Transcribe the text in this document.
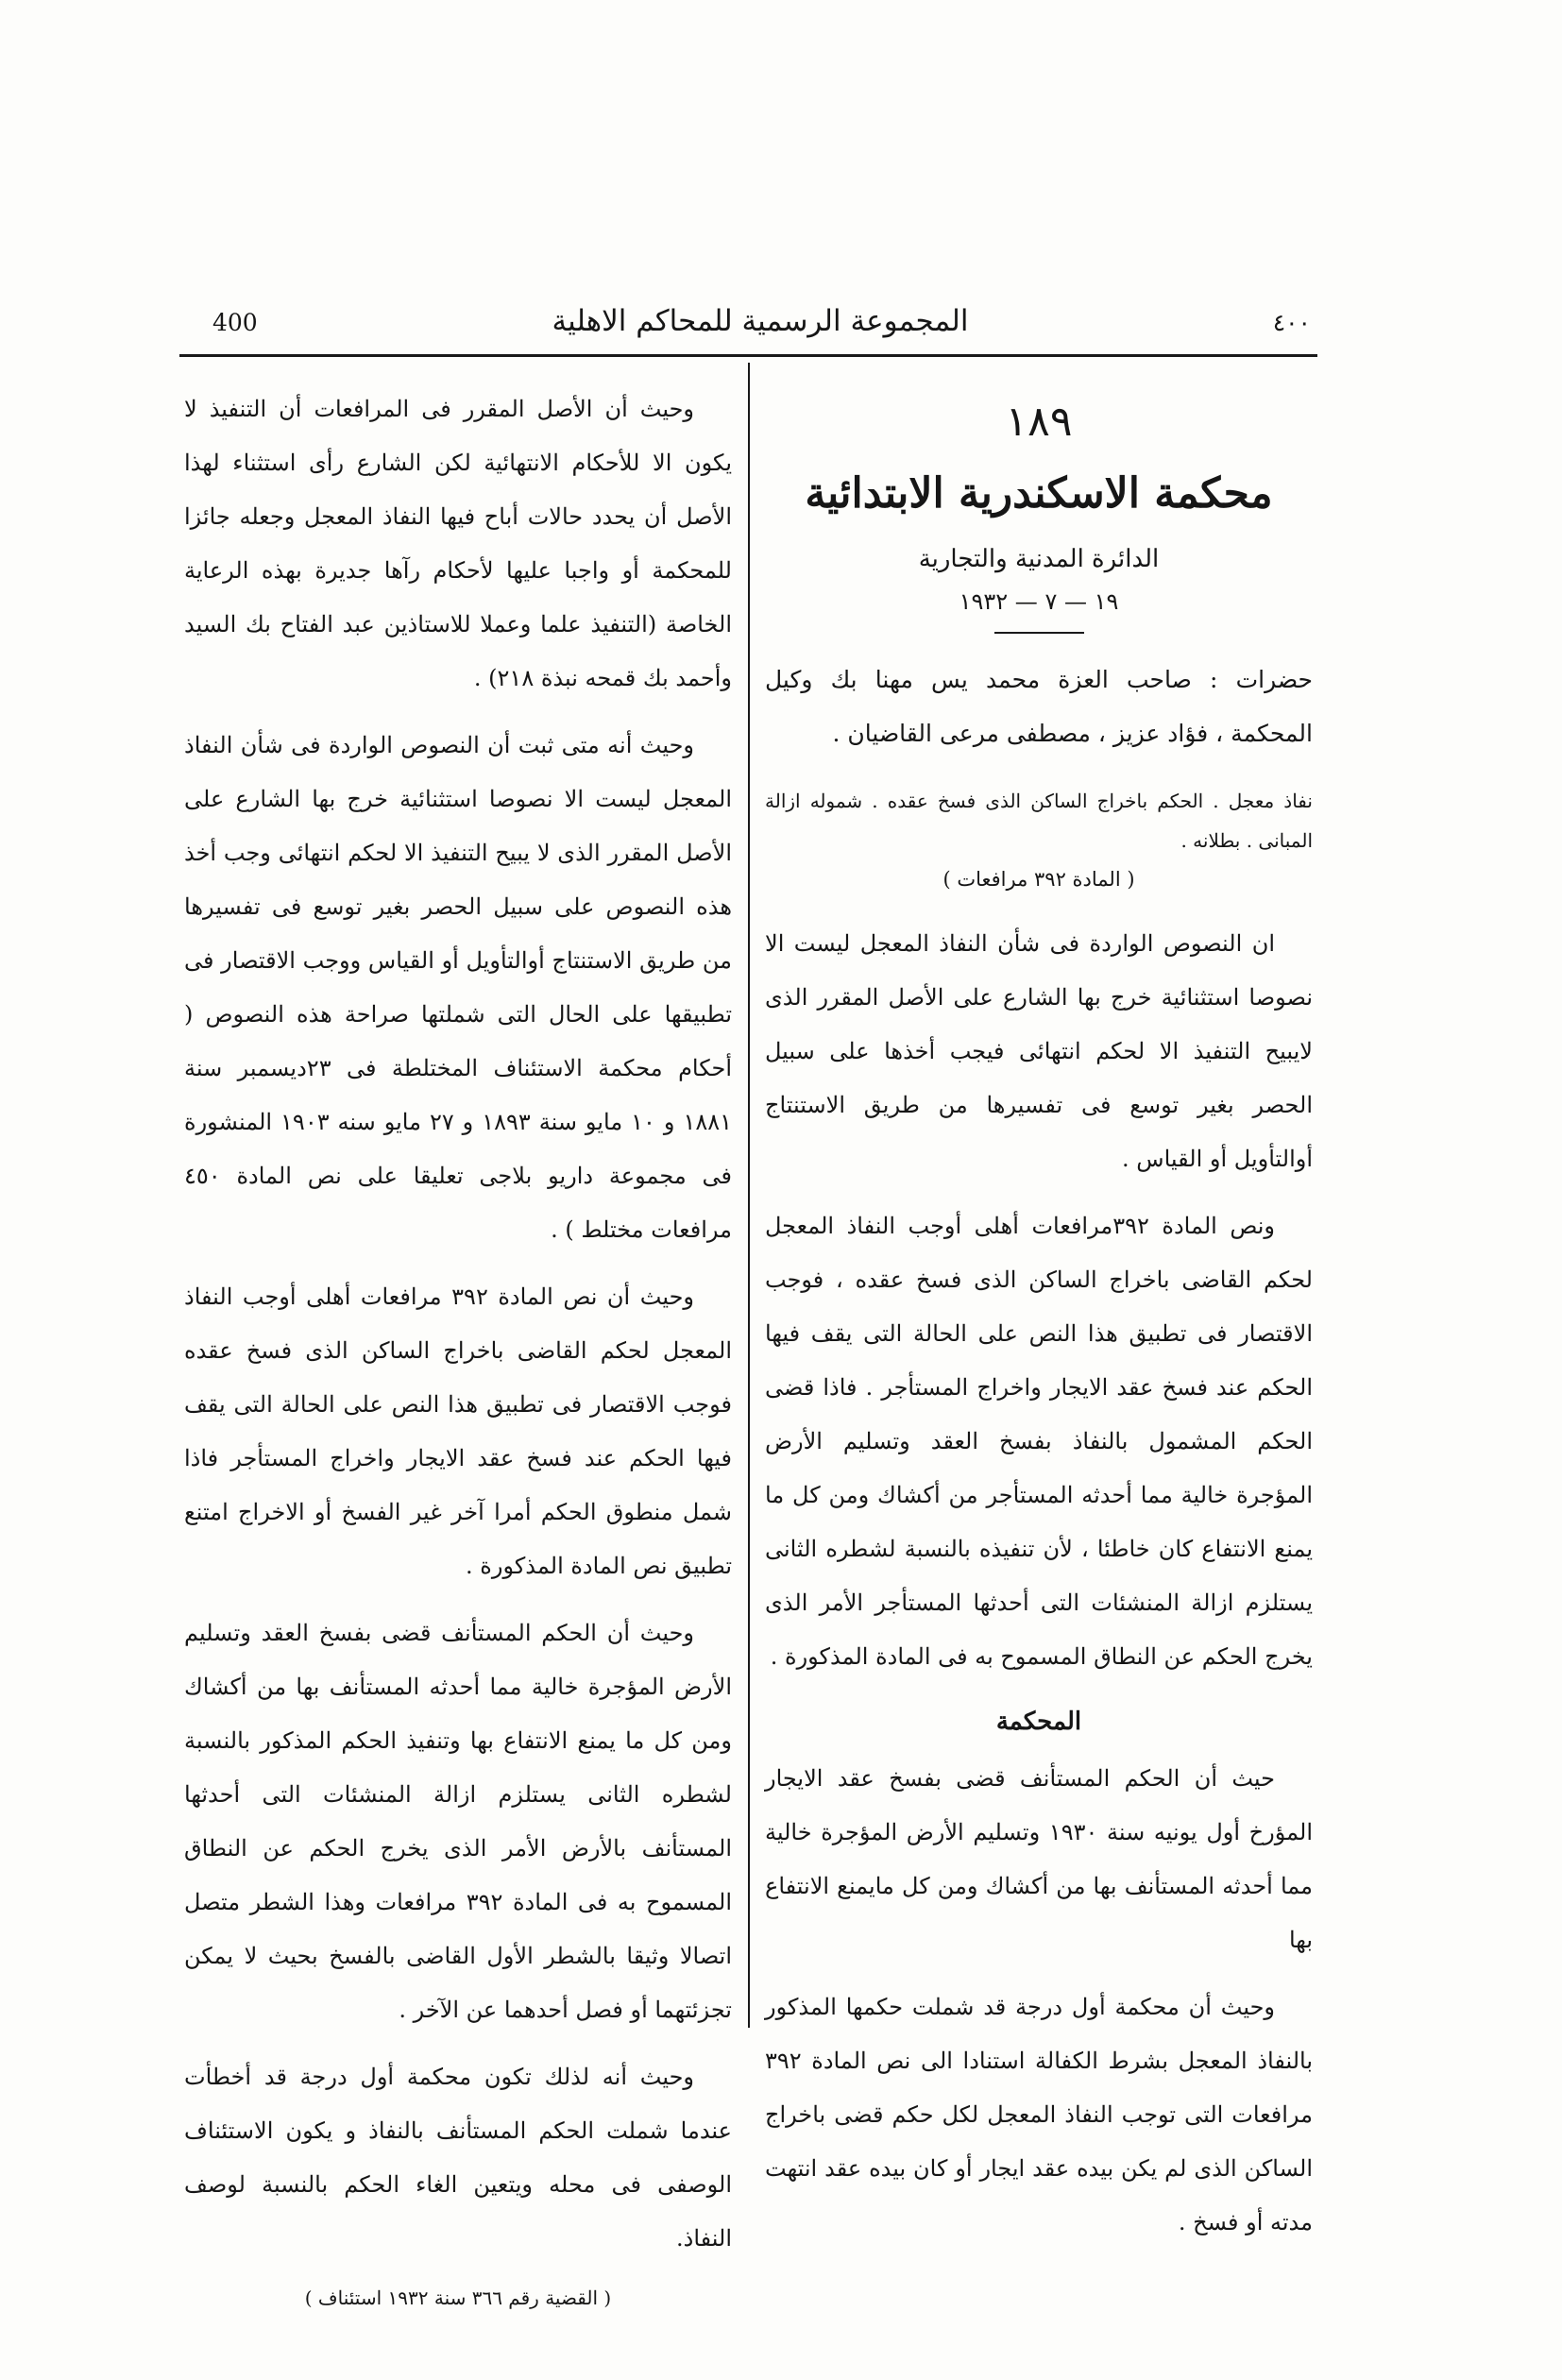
400	المجموعة الرسمية للمحاكم الاهلية	٤٠٠
١٨٩
محكمة الاسكندرية الابتدائية
الدائرة المدنية والتجارية
١٩ — ٧ — ١٩٣٢

حضرات : صاحب العزة محمد يس مهنا بك وكيل المحكمة ، فؤاد عزيز ، مصطفى مرعى القاضيان .

نفاذ معجل . الحكم باخراج الساكن الذى فسخ عقده . شموله ازالة المبانى . بطلانه .

( المادة ٣٩٢ مرافعات )

ان النصوص الواردة فى شأن النفاذ المعجل ليست الا نصوصا استثنائية خرج بها الشارع على الأصل المقرر الذى لايبيح التنفيذ الا لحكم انتهائى فيجب أخذها على سبيل الحصر بغير توسع فى تفسيرها من طريق الاستنتاج أوالتأويل أو القياس .

ونص المادة ٣٩٢مرافعات أهلى أوجب النفاذ المعجل لحكم القاضى باخراج الساكن الذى فسخ عقده ، فوجب الاقتصار فى تطبيق هذا النص على الحالة التى يقف فيها الحكم عند فسخ عقد الايجار واخراج المستأجر . فاذا قضى الحكم المشمول بالنفاذ بفسخ العقد وتسليم الأرض المؤجرة خالية مما أحدثه المستأجر من أكشاك ومن كل ما يمنع الانتفاع كان خاطئا ، لأن تنفيذه بالنسبة لشطره الثانى يستلزم ازالة المنشئات التى أحدثها المستأجر الأمر الذى يخرج الحكم عن النطاق المسموح به فى المادة المذكورة .

المحكمة

حيث أن الحكم المستأنف قضى بفسخ عقد الايجار المؤرخ أول يونيه سنة ١٩٣٠ وتسليم الأرض المؤجرة خالية مما أحدثه المستأنف بها من أكشاك ومن كل مايمنع الانتفاع بها

وحيث أن محكمة أول درجة قد شملت حكمها المذكور بالنفاذ المعجل بشرط الكفالة استنادا الى نص المادة ٣٩٢ مرافعات التى توجب النفاذ المعجل لكل حكم قضى باخراج الساكن الذى لم يكن بيده عقد ايجار أو كان بيده عقد انتهت مدته أو فسخ .

وحيث أن الأصل المقرر فى المرافعات أن التنفيذ لا يكون الا للأحكام الانتهائية لكن الشارع رأى استثناء لهذا الأصل أن يحدد حالات أباح فيها النفاذ المعجل وجعله جائزا للمحكمة أو واجبا عليها لأحكام رآها جديرة بهذه الرعاية الخاصة (التنفيذ علما وعملا للاستاذين عبد الفتاح بك السيد وأحمد بك قمحه نبذة ٢١٨) .

وحيث أنه متى ثبت أن النصوص الواردة فى شأن النفاذ المعجل ليست الا نصوصا استثنائية خرج بها الشارع على الأصل المقرر الذى لا يبيح التنفيذ الا لحكم انتهائى وجب أخذ هذه النصوص على سبيل الحصر بغير توسع فى تفسيرها من طريق الاستنتاج أوالتأويل أو القياس ووجب الاقتصار فى تطبيقها على الحال التى شملتها صراحة هذه النصوص ( أحكام محكمة الاستئناف المختلطة فى ٢٣ديسمبر سنة ١٨٨١ و ١٠ مايو سنة ١٨٩٣ و ٢٧ مايو سنه ١٩٠٣ المنشورة فى مجموعة داريو بلاجى تعليقا على نص المادة ٤٥٠ مرافعات مختلط ) .

وحيث أن نص المادة ٣٩٢ مرافعات أهلى أوجب النفاذ المعجل لحكم القاضى باخراج الساكن الذى فسخ عقده فوجب الاقتصار فى تطبيق هذا النص على الحالة التى يقف فيها الحكم عند فسخ عقد الايجار واخراج المستأجر فاذا شمل منطوق الحكم أمرا آخر غير الفسخ أو الاخراج امتنع تطبيق نص المادة المذكورة .

وحيث أن الحكم المستأنف قضى بفسخ العقد وتسليم الأرض المؤجرة خالية مما أحدثه المستأنف بها من أكشاك ومن كل ما يمنع الانتفاع بها وتنفيذ الحكم المذكور بالنسبة لشطره الثانى يستلزم ازالة المنشئات التى أحدثها المستأنف بالأرض الأمر الذى يخرج الحكم عن النطاق المسموح به فى المادة ٣٩٢ مرافعات وهذا الشطر متصل اتصالا وثيقا بالشطر الأول القاضى بالفسخ بحيث لا يمكن تجزئتهما أو فصل أحدهما عن الآخر .

وحيث أنه لذلك تكون محكمة أول درجة قد أخطأت عندما شملت الحكم المستأنف بالنفاذ و يكون الاستئناف الوصفى فى محله ويتعين الغاء الحكم بالنسبة لوصف النفاذ.

( القضية رقم ٣٦٦ سنة ١٩٣٢ استئناف )
